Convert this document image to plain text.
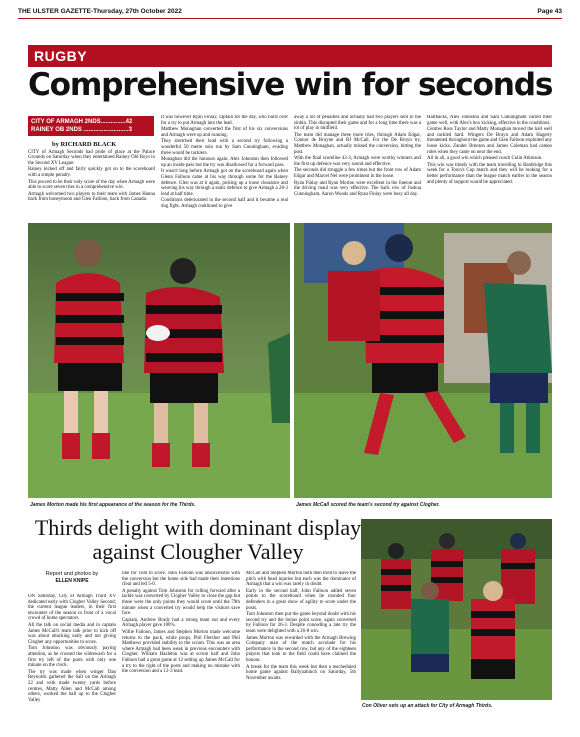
THE ULSTER GAZETTE-Thursday, 27th October 2022	Page 43
RUGBY
Comprehensive win for seconds
CITY OF ARMAGH 2NDS...............42
RAINEY OB 2NDS ...........................3
by RICHARD BLACK

CITY of Armagh Seconds had pride of place at the Palace Grounds on Saturday when they entertained Rainey Old Boys in the Second XV League.

Rainey kicked off and fairly quickly got on to the scoreboard with a simple penalty.

This proved to be their only score of the day when Armagh were able to score seven tries in a comprehensive win.

Armagh welcomed two players to their team with James Hanna back from honeymoon and Glen Falloon, back from Canada.

It was however Ryan Finlay, captain for the day, who burst over for a try to put Armagh into the lead.

Matthew Monaghan converted the first of his six conversions and Armagh were up and running.

They stretched their lead with a second try following a wonderful 50 metre solo run by Sam Cunningham, evading three would be tacklers.

Monaghan did the honours again. Alex Johnston then followed up an inside pass but the try was disallowed for a forward pass.

It wasn't long before Armagh got on the scoreboard again when Glenn Falloon came at his way through some for the Rainey defence. Glen was at it again, picking up a loose clearance and weaving his way through a static defence to give Armagh a 28-3 lead at half time.

Conditions deteriorated in the second half and it became a real dog fight. Armagh continued to give

away a lot of penalties and actually had two players sent to the sinbin. This disrupted their game and for a long time there was a lot of play in midfield.

The team did manage three more tries, through Adam Edgar, Connor de Bruyne and RJ McCall. For the De Bruyn try, Matthew Monaghan, actually missed the conversion, hitting the post.

With the final scoreline 42-3, Armagh were worthy winners and the first up defence was very sound and effective.

The seconds did struggle a few times but the front row of Adam Edgar and Marcel Nel were prominent in the loose.

Ryan Finlay and Ryan Morton were excellent in the lineout and the driving maul was very effective. The back row of Joshua Cunningham, Aaron Woods and Ryan Finlay were busy all day.

Halfbacks, Alex Johnston and Sam Cunningham varied their game well, with Alex's box kicking, effective in the conditions.

Centres Ross Taylor and Matty Monaghan moved the ball well and tackled hard. Wingers De Bruyn and Adam Hagerty threatened throughout the game and Glen Falloon exploited any loose kicks. Zander Brenton and James Coleman had cameo roles when they came on near the end.

All in all, a good win which pleased coach Colin Atkinson.

This win was timely with the team travelling to Banbridge this week for a Town's Cup match and they will be looking for a better performance than the league match earlier in the season and plenty of support would be appreciated.

James Morton made his first appearance of the season for the Thirds.	James McCall scored the team's second try against Clogher.
Thirds delight with dominant display against Clougher Valley
Report and photos by
ELLEN KNIPE

ON Saturday, City of Armagh Third XV dedicated early with Clogher Valley Second; the current league leaders, in their first encounter of the season in front of a vocal crowd of home spectators.

All the talk on social media and in captain James McCall's team talk prior to kick off was about attacking early and not giving Clogher any opportunities to score.

Tom Johnston was obviously paying attention, as he crossed the whitewash for a first try left of the posts with only one minute on the clock.

The try was made when winger Dan Reynolds gathered the ball on the Armagh 22 and with made twenty yards before centres, Matty Allen and McCall among others, worked the ball up to the Clogher Valley

line for Tom to score. John Falloon was unsuccessful with the conversion but the home side had made their intentions clear and led 5-0.

A penalty against Tom Johnston for rolling forward after a tackle was converted by Clogher Valley to close the gap but those were the only points they would score until the 79th minute when a converted try would help the visitors save face.

Captain, Andrew Brady had a strong team out and every Armagh player gave 100%.

Willie Falloon, James and Stephen Morton made welcome returns to the pack, while props, Phil Fletcher and Phil Matthews provided stability to the scrum. This was an area where Armagh had been weak in previous encounters with Clogher. William Hazleton was at scrum half and John Falloon had a great game at 12 setting up James McCall for a try to the right of the posts and making no mistake with the conversion and a 12-3 lead.

McCall and Stephen Morton both then tried to leave the pitch with head injuries but each was the dominator of Armagh that a win was rarely in doubt.

Early in the second half, John Falloon added seven points to the scoreboard when he rounded four defenders in a great show of agility to score under the posts.

Tom Johnston then put the game beyond doubt with his second try and the bonus point score, again converted by Falloon for 26-3. Despite conceding a late try the team were delighted with a 26-8 win.

James Morton was rewarded with the Armagh Brewing Company man of the match accolade for his performance in the second row, but any of the eighteen players that took to the field could have claimed the honour.

A break for the team this week but then a rescheduled home game against Ballynahinch on Saturday, 5th November awaits.

Con Oliver sets up an attack for City of Armagh Thirds.
